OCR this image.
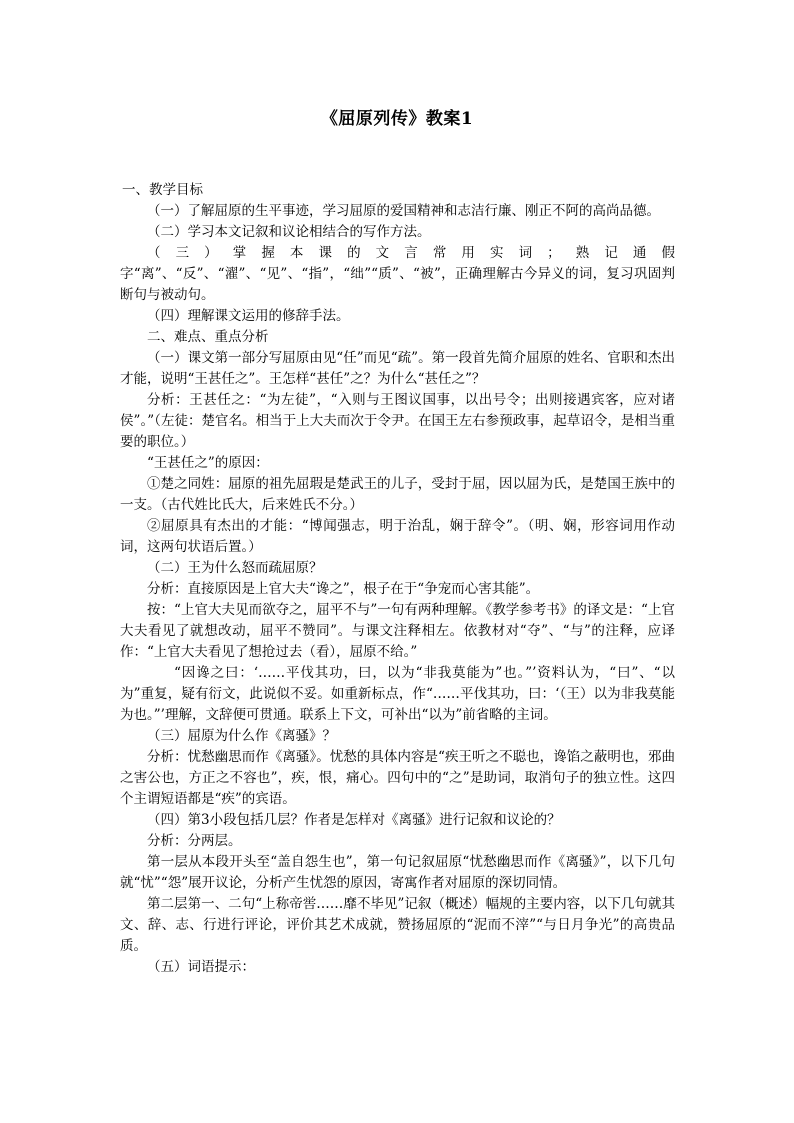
《屈原列传》教案1

一、教学目标

（一）了解屈原的生平事迹，学习屈原的爱国精神和志洁行廉、刚正不阿的高尚品德。

（二）学习本文记叙和议论相结合的写作方法。

（三）掌握本课的文言常用实词；熟记通假字“离”、“反”、“濯”、“见”、“指”，“绌”“质”、“被”，正确理解古今异义的词，复习巩固判断句与被动句。

（四）理解课文运用的修辞手法。

二、难点、重点分析

（一）课文第一部分写屈原由见“任”而见“疏”。第一段首先简介屈原的姓名、官职和杰出才能，说明“王甚任之”。王怎样“甚任”之？为什么“甚任之”？

分析：王甚任之：“为左徒”，“入则与王图议国事，以出号令；出则接遇宾客，应对诸侯”。”（左徒：楚官名。相当于上大夫而次于令尹。在国王左右参预政事，起草诏令，是相当重要的职位。）

“王甚任之”的原因：

①楚之同姓：屈原的祖先屈瑕是楚武王的儿子，受封于屈，因以屈为氏，是楚国王族中的一支。（古代姓比氏大，后来姓氏不分。）

②屈原具有杰出的才能：“博闻强志，明于治乱，娴于辞令”。（明、娴，形容词用作动词，这两句状语后置。）

（二）王为什么怒而疏屈原？

分析：直接原因是上官大夫“谗之”，根子在于“争宠而心害其能”。

按：“上官大夫见而欲夺之，屈平不与”一句有两种理解。《教学参考书》的译文是：“上官大夫看见了就想改动，屈平不赞同”。与课文注释相左。依教材对“夺”、“与”的注释，应译作：“上官大夫看见了想抢过去（看），屈原不给。”

“因谗之曰：‘……平伐其功，曰，以为“非我莫能为”也。”’资料认为，“曰”、“以为”重复，疑有衍文，此说似不妥。如重新标点，作“……平伐其功，曰：‘（王）以为非我莫能为也。”’理解，文辞便可贯通。联系上下文，可补出“以为”前省略的主词。

（三）屈原为什么作《离骚》？

分析：忧愁幽思而作《离骚》。忧愁的具体内容是“疾王听之不聪也，谗馅之蔽明也，邪曲之害公也，方正之不容也”，疾，恨，痛心。四句中的“之”是助词，取消句子的独立性。这四个主谓短语都是“疾”的宾语。

（四）第3小段包括几层？作者是怎样对《离骚》进行记叙和议论的？

分析：分两层。

第一层从本段开头至“盖自怨生也”，第一句记叙屈原“忧愁幽思而作《离骚》”，以下几句就“忧”“怨”展开议论，分析产生忧怨的原因，寄寓作者对屈原的深切同情。

第二层第一、二句“上称帝喾……靡不毕见”记叙（概述）幅规的主要内容，以下几句就其文、辞、志、行进行评论，评价其艺术成就，赞扬屈原的“泥而不滓”“与日月争光”的高贵品质。

（五）词语提示：
